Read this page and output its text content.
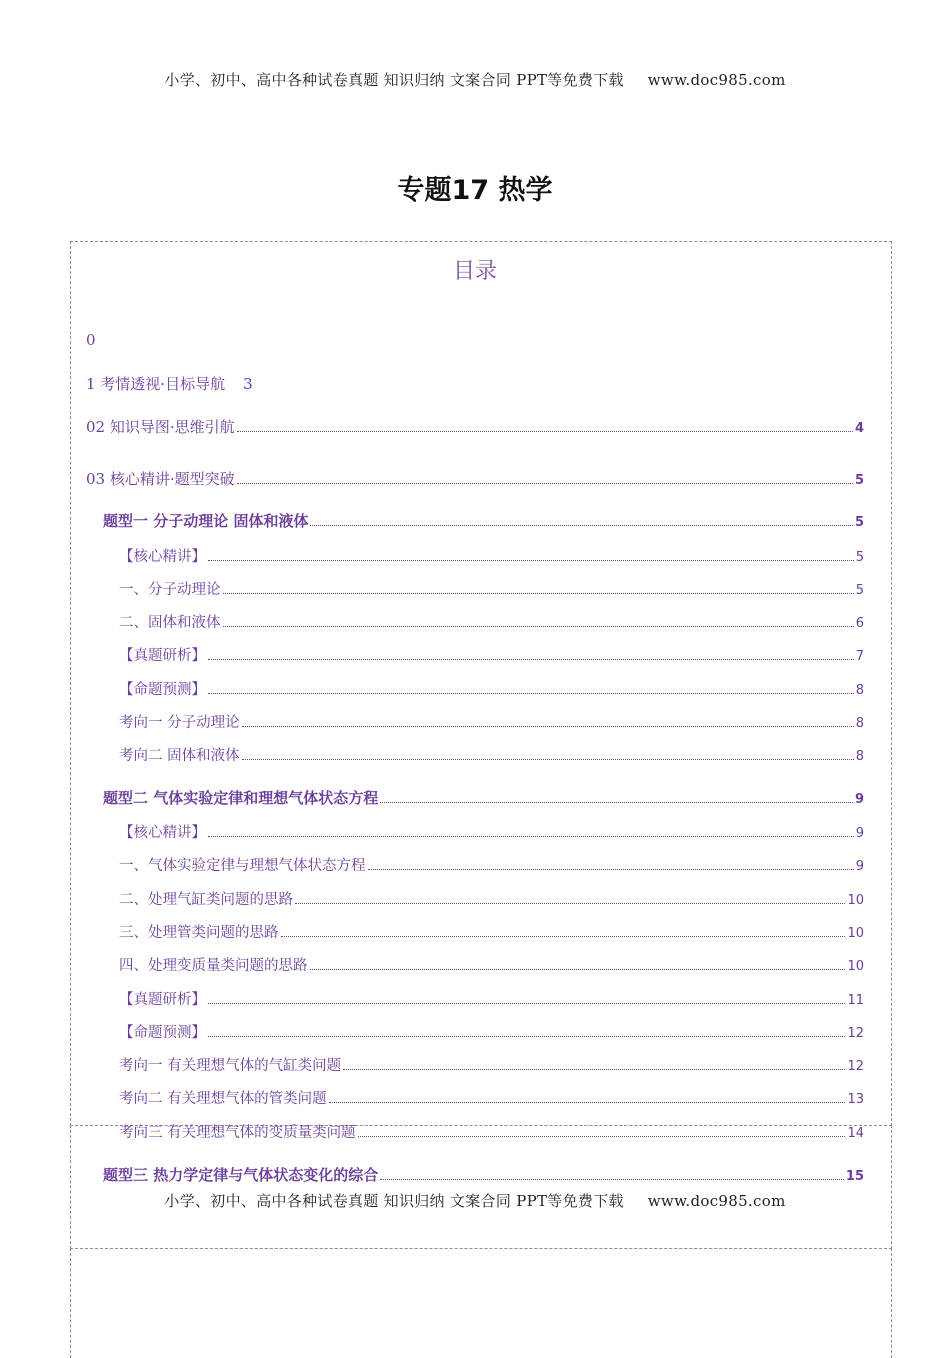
小学、初中、高中各种试卷真题 知识归纳 文案合同 PPT等免费下载 www.doc985.com
专题17 热学
目录
0
1 考情透视·目标导航 3
02 知识导图·思维引航	4
03 核心精讲·题型突破	5
题型一 分子动理论 固体和液体	5
【核心精讲】	5
一、分子动理论	5
二、固体和液体	6
【真题研析】	7
【命题预测】	8
考向一 分子动理论	8
考向二 固体和液体	8
题型二 气体实验定律和理想气体状态方程	9
【核心精讲】	9
一、气体实验定律与理想气体状态方程	9
二、处理气缸类问题的思路	10
三、处理管类问题的思路	10
四、处理变质量类问题的思路	10
【真题研析】	11
【命题预测】	12
考向一 有关理想气体的气缸类问题	12
考向二 有关理想气体的管类问题	13
考向三 有关理想气体的变质量类问题	14
题型三 热力学定律与气体状态变化的综合	15
小学、初中、高中各种试卷真题 知识归纳 文案合同 PPT等免费下载 www.doc985.com
